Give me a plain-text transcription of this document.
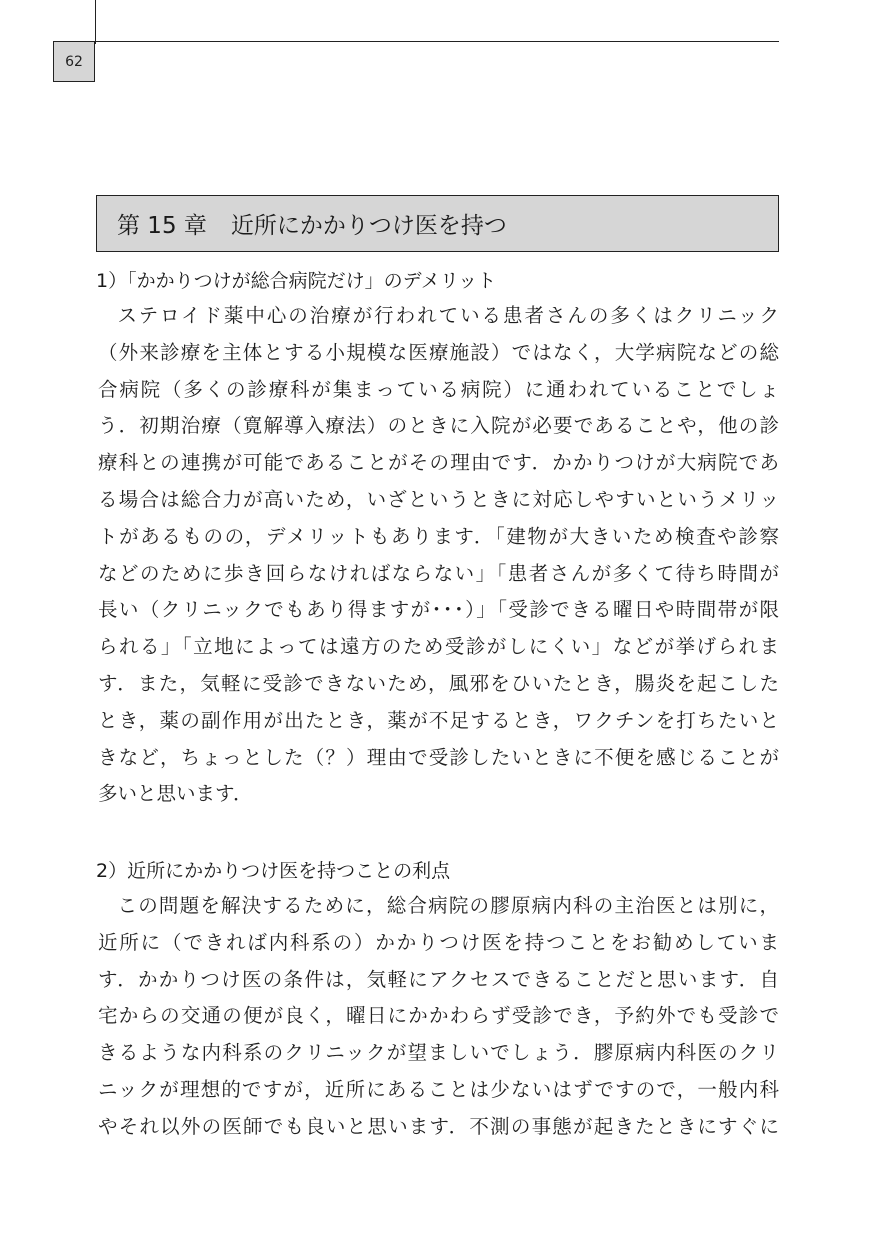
62
第 15 章 近所にかかりつけ医を持つ
1）「かかりつけが総合病院だけ」のデメリット
ステロイド薬中心の治療が行われている患者さんの多くはクリニック
（外来診療を主体とする小規模な医療施設）ではなく，大学病院などの総
合病院（多くの診療科が集まっている病院）に通われていることでしょ
う．初期治療（寛解導入療法）のときに入院が必要であることや，他の診
療科との連携が可能であることがその理由です．かかりつけが大病院であ
る場合は総合力が高いため，いざというときに対応しやすいというメリッ
トがあるものの，デメリットもあります．「建物が大きいため検査や診察
などのために歩き回らなければならない」「患者さんが多くて待ち時間が
長い（クリニックでもあり得ますが･･･）」「受診できる曜日や時間帯が限
られる」「立地によっては遠方のため受診がしにくい」などが挙げられま
す．また，気軽に受診できないため，風邪をひいたとき，腸炎を起こした
とき，薬の副作用が出たとき，薬が不足するとき，ワクチンを打ちたいと
きなど，ちょっとした（？）理由で受診したいときに不便を感じることが
多いと思います．
2）近所にかかりつけ医を持つことの利点
この問題を解決するために，総合病院の膠原病内科の主治医とは別に，
近所に（できれば内科系の）かかりつけ医を持つことをお勧めしていま
す．かかりつけ医の条件は，気軽にアクセスできることだと思います．自
宅からの交通の便が良く，曜日にかかわらず受診でき，予約外でも受診で
きるような内科系のクリニックが望ましいでしょう．膠原病内科医のクリ
ニックが理想的ですが，近所にあることは少ないはずですので，一般内科
やそれ以外の医師でも良いと思います．不測の事態が起きたときにすぐに
